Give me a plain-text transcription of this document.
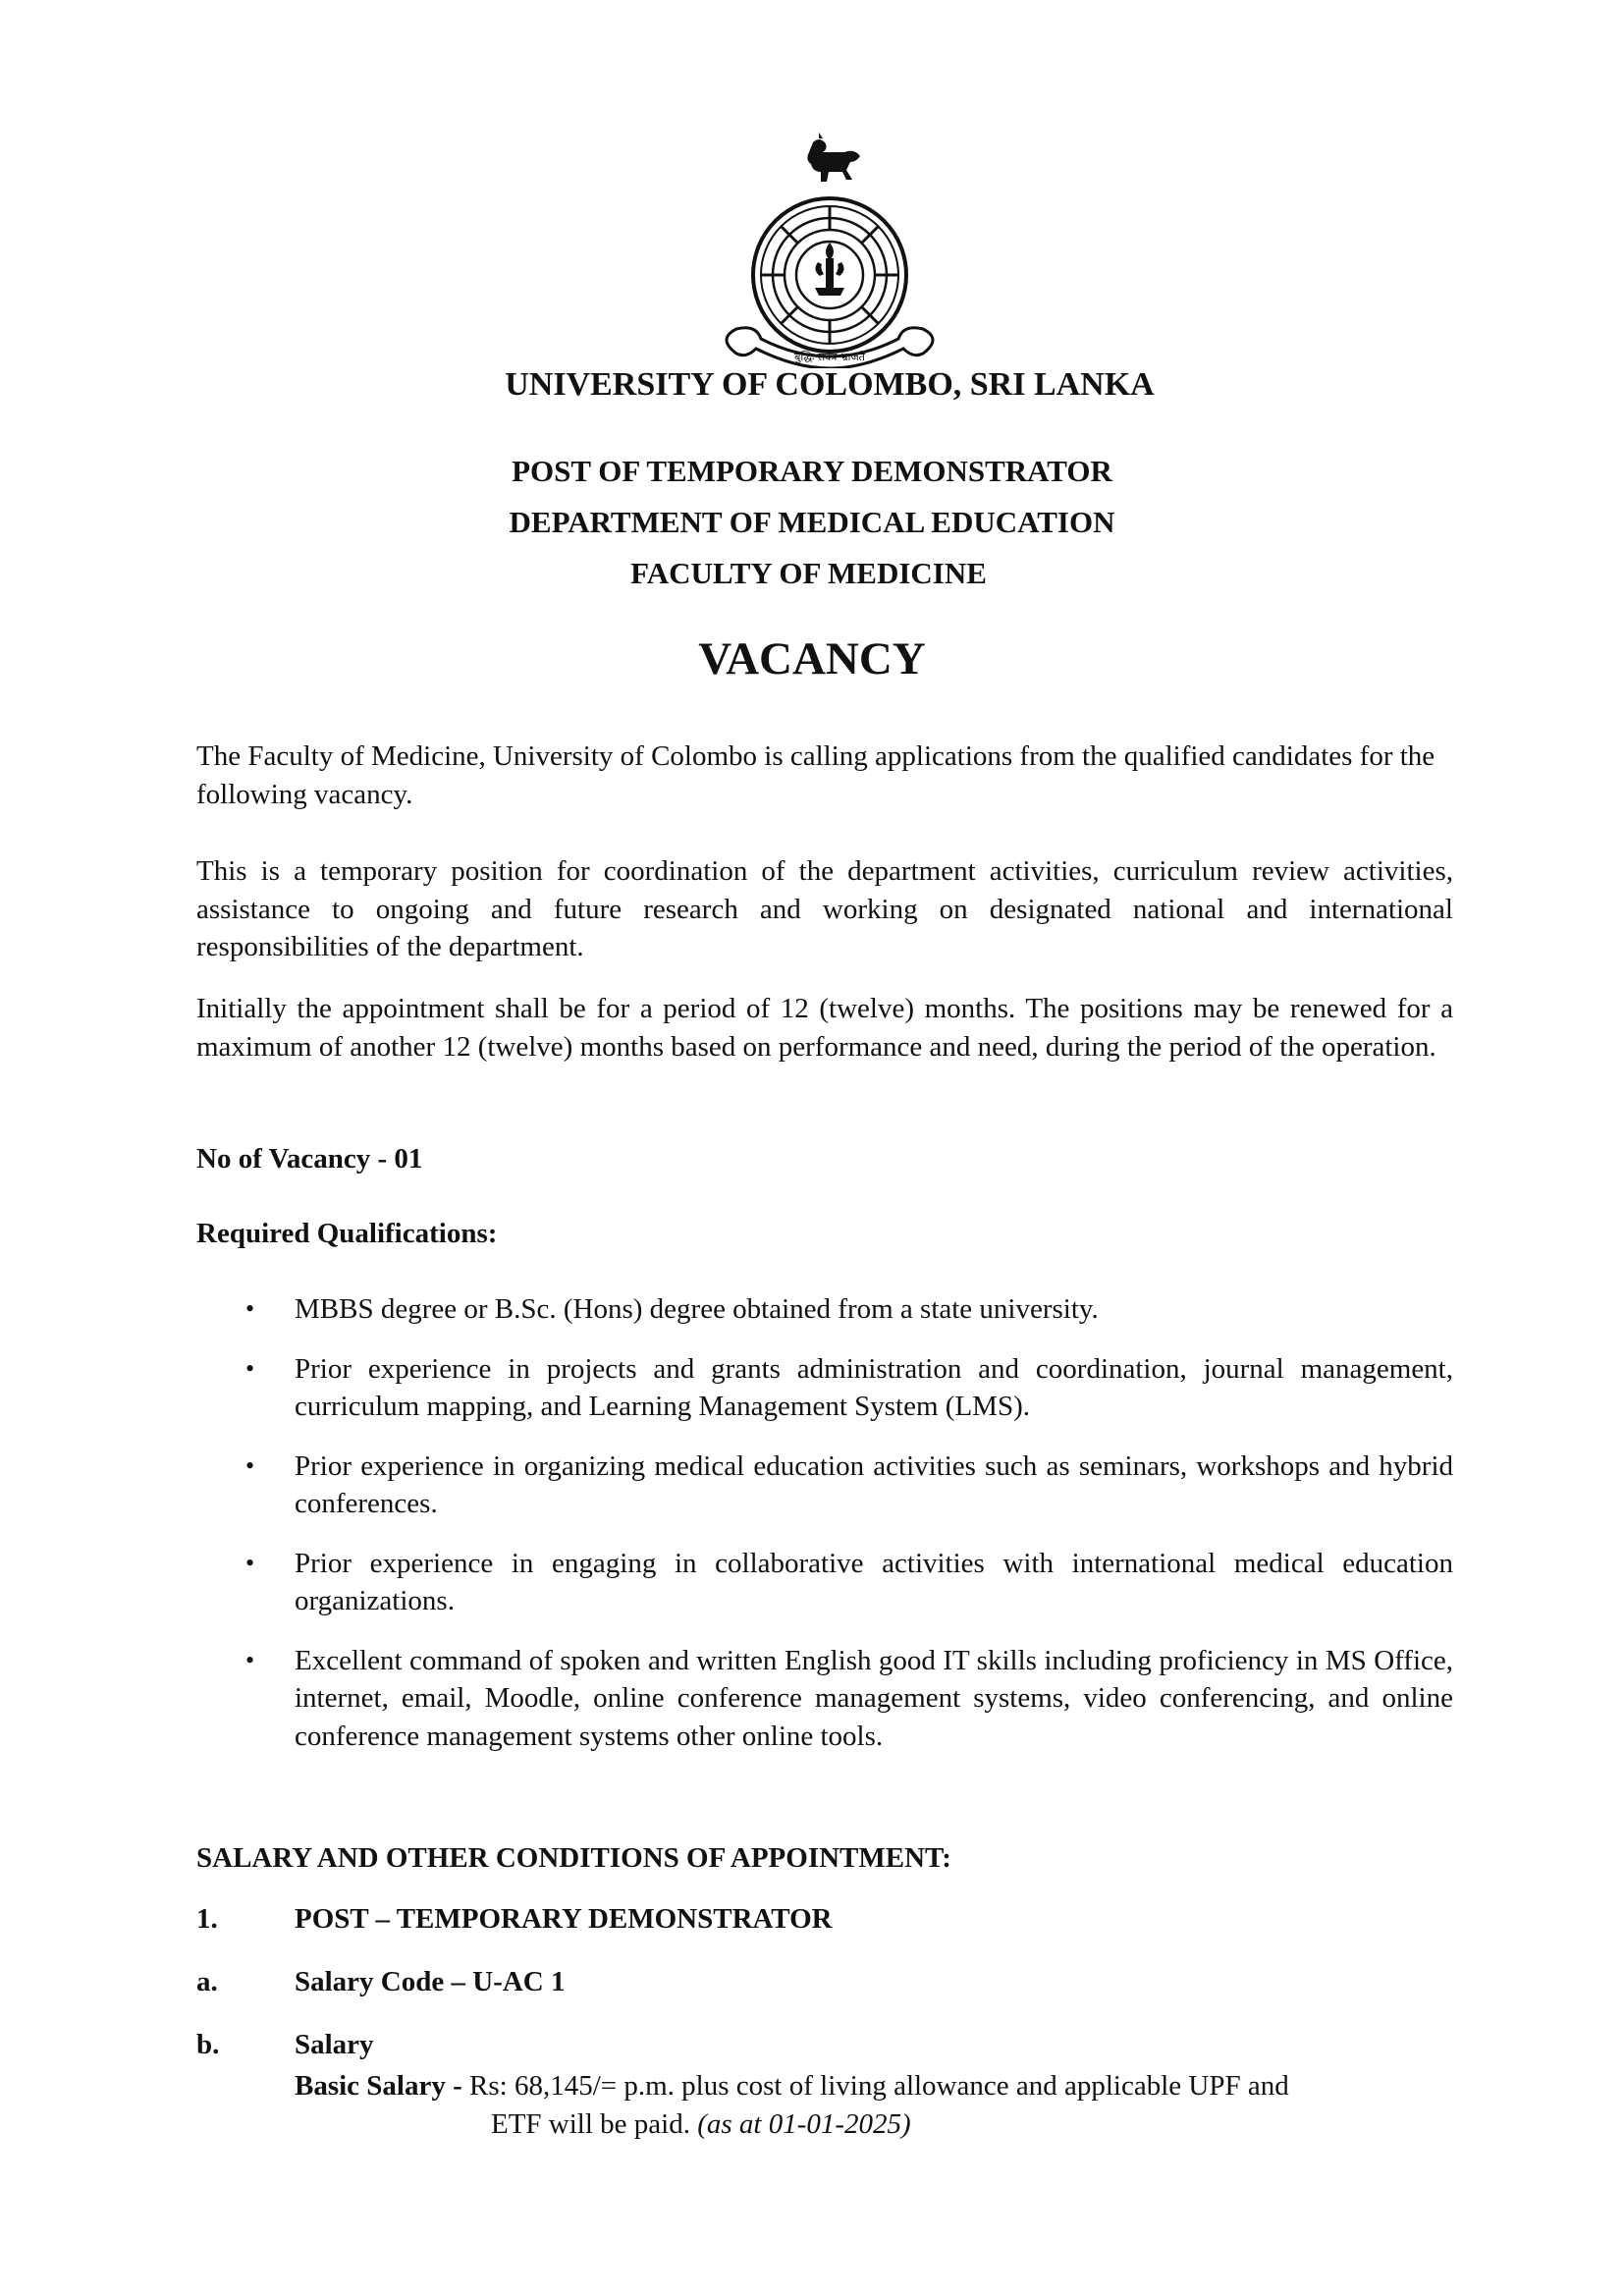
बुद्धिः सर्वत्र भ्राजते
UNIVERSITY OF COLOMBO, SRI LANKA
POST OF TEMPORARY DEMONSTRATOR
DEPARTMENT OF MEDICAL EDUCATION
FACULTY OF MEDICINE
VACANCY

The Faculty of Medicine, University of Colombo is calling applications from the qualified candidates for the following vacancy.

This is a temporary position for coordination of the department activities, curriculum review activities, assistance to ongoing and future research and working on designated national and international responsibilities of the department.

Initially the appointment shall be for a period of 12 (twelve) months. The positions may be renewed for a maximum of another 12 (twelve) months based on performance and need, during the period of the operation.

No of Vacancy - 01
Required Qualifications:
• MBBS degree or B.Sc. (Hons) degree obtained from a state university.
• Prior experience in projects and grants administration and coordination, journal management, curriculum mapping, and Learning Management System (LMS).
• Prior experience in organizing medical education activities such as seminars, workshops and hybrid conferences.
• Prior experience in engaging in collaborative activities with international medical education organizations.
• Excellent command of spoken and written English good IT skills including proficiency in MS Office, internet, email, Moodle, online conference management systems, video conferencing, and online conference management systems other online tools.
SALARY AND OTHER CONDITIONS OF APPOINTMENT:
1.	POST – TEMPORARY DEMONSTRATOR
a.	Salary Code – U-AC 1
b.	Salary
Basic Salary - Rs: 68,145/= p.m. plus cost of living allowance and applicable UPF and
ETF will be paid. (as at 01-01-2025)
